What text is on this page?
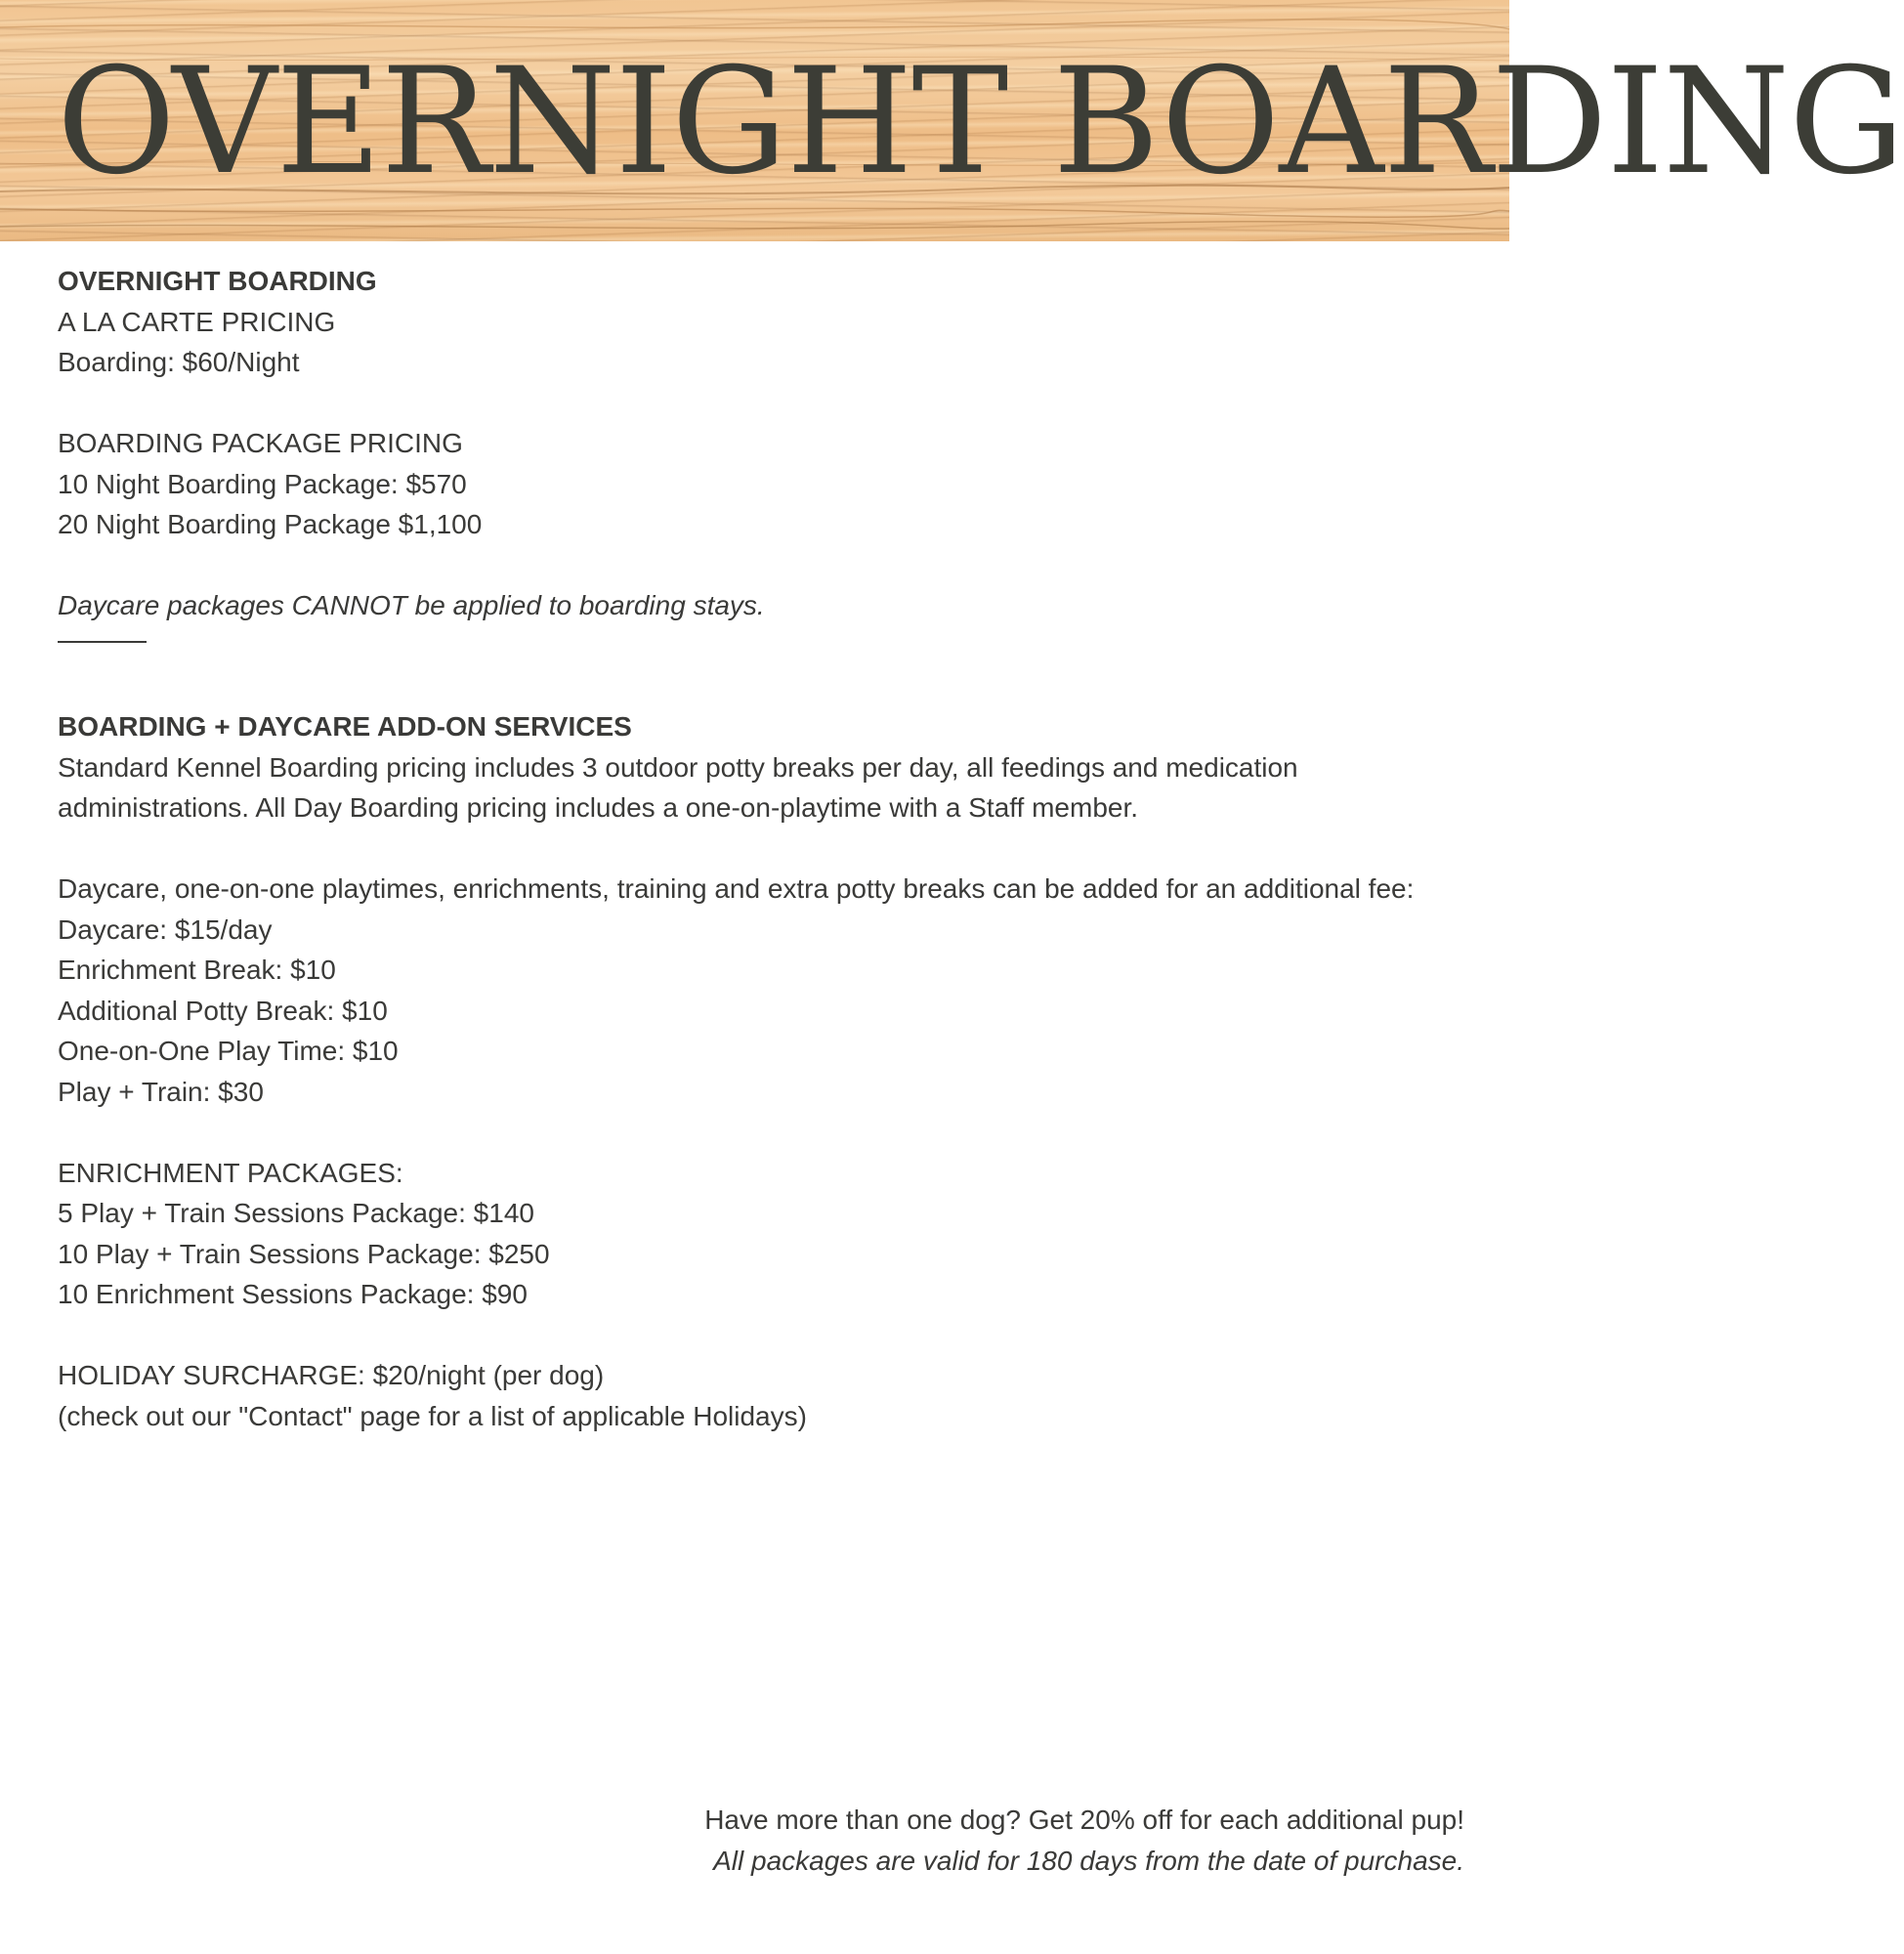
OVERNIGHT BOARDING

OVERNIGHT BOARDING

A LA CARTE PRICING

Boarding: $60/Night

BOARDING PACKAGE PRICING

10 Night Boarding Package: $570

20 Night Boarding Package $1,100

Daycare packages CANNOT be applied to boarding stays.

BOARDING + DAYCARE ADD-ON SERVICES

Standard Kennel Boarding pricing includes 3 outdoor potty breaks per day, all feedings and medication administrations. All Day Boarding pricing includes a one-on-playtime with a Staff member.

Daycare, one-on-one playtimes, enrichments, training and extra potty breaks can be added for an additional fee:

Daycare: $15/day

Enrichment Break: $10

Additional Potty Break: $10

One-on-One Play Time: $10

Play + Train: $30

ENRICHMENT PACKAGES:

5 Play + Train Sessions Package: $140

10 Play + Train Sessions Package: $250

10 Enrichment Sessions Package: $90

HOLIDAY SURCHARGE: $20/night (per dog)

(check out our "Contact" page for a list of applicable Holidays)

Have more than one dog? Get 20% off for each additional pup!

All packages are valid for 180 days from the date of purchase.
